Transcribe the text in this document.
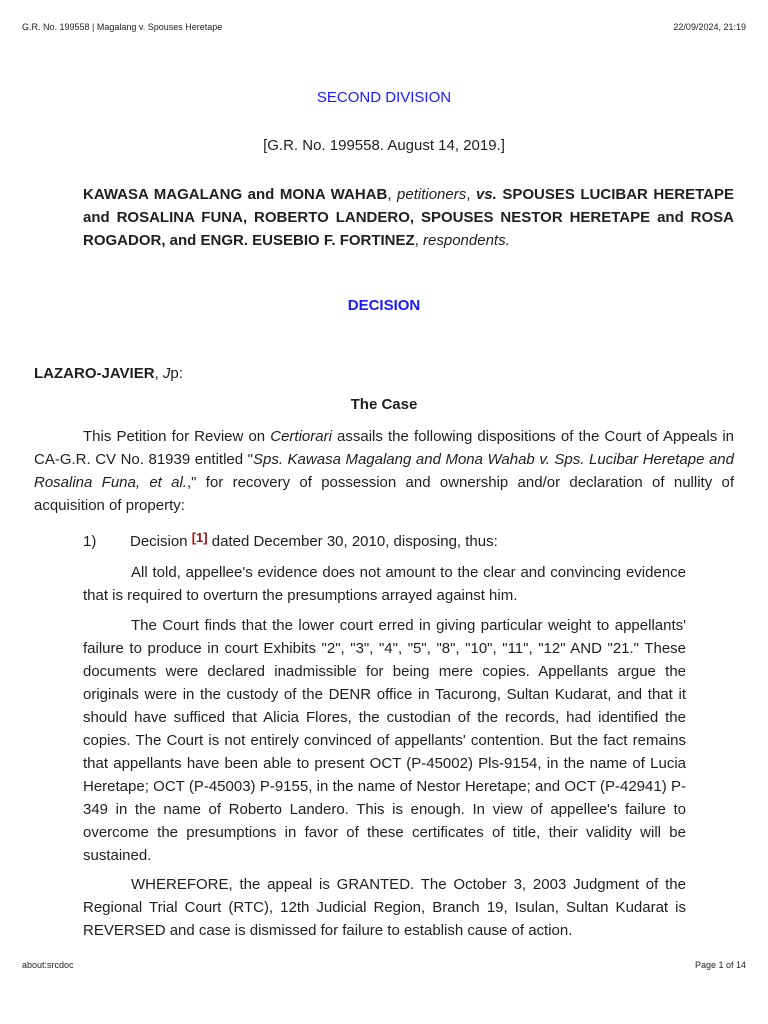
G.R. No. 199558 | Magalang v. Spouses Heretape	22/09/2024, 21:19
SECOND DIVISION
[G.R. No. 199558. August 14, 2019.]
KAWASA MAGALANG and MONA WAHAB, petitioners, vs. SPOUSES LUCIBAR HERETAPE and ROSALINA FUNA, ROBERTO LANDERO, SPOUSES NESTOR HERETAPE and ROSA ROGADOR, and ENGR. EUSEBIO F. FORTINEZ, respondents.
DECISION
LAZARO-JAVIER, Jp:
The Case

This Petition for Review on Certiorari assails the following dispositions of the Court of Appeals in CA-G.R. CV No. 81939 entitled "Sps. Kawasa Magalang and Mona Wahab v. Sps. Lucibar Heretape and Rosalina Funa, et al.," for recovery of possession and ownership and/or declaration of nullity of acquisition of property:

1) Decision [1] dated December 30, 2010, disposing, thus:

All told, appellee's evidence does not amount to the clear and convincing evidence that is required to overturn the presumptions arrayed against him.

The Court finds that the lower court erred in giving particular weight to appellants' failure to produce in court Exhibits "2", "3", "4", "5", "8", "10", "11", "12" AND "21." These documents were declared inadmissible for being mere copies. Appellants argue the originals were in the custody of the DENR office in Tacurong, Sultan Kudarat, and that it should have sufficed that Alicia Flores, the custodian of the records, had identified the copies. The Court is not entirely convinced of appellants' contention. But the fact remains that appellants have been able to present OCT (P-45002) Pls-9154, in the name of Lucia Heretape; OCT (P-45003) P-9155, in the name of Nestor Heretape; and OCT (P-42941) P-349 in the name of Roberto Landero. This is enough. In view of appellee's failure to overcome the presumptions in favor of these certificates of title, their validity will be sustained.

WHEREFORE, the appeal is GRANTED. The October 3, 2003 Judgment of the Regional Trial Court (RTC), 12th Judicial Region, Branch 19, Isulan, Sultan Kudarat is REVERSED and case is dismissed for failure to establish cause of action.

about:srcdoc	Page 1 of 14
